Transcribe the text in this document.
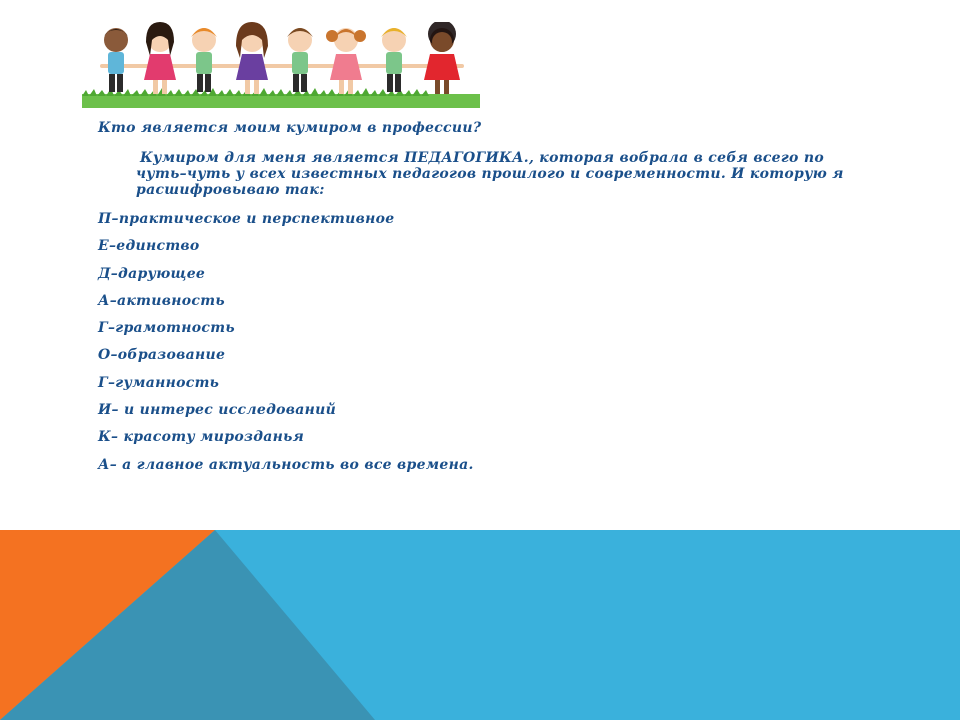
Кто является моим кумиром в профессии?
Кумиром для меня является ПЕДАГОГИКА., которая вобрала в себя всего по чуть–чуть у всех известных педагогов прошлого и современности. И которую я расшифровываю так:
П–практическое и перспективное
Е–единство
Д–дарующее
А–активность
Г–грамотность
О–образование
Г–гуманность
И– и интерес исследований
К– красоту мирозданья
А– а главное актуальность во все времена.
